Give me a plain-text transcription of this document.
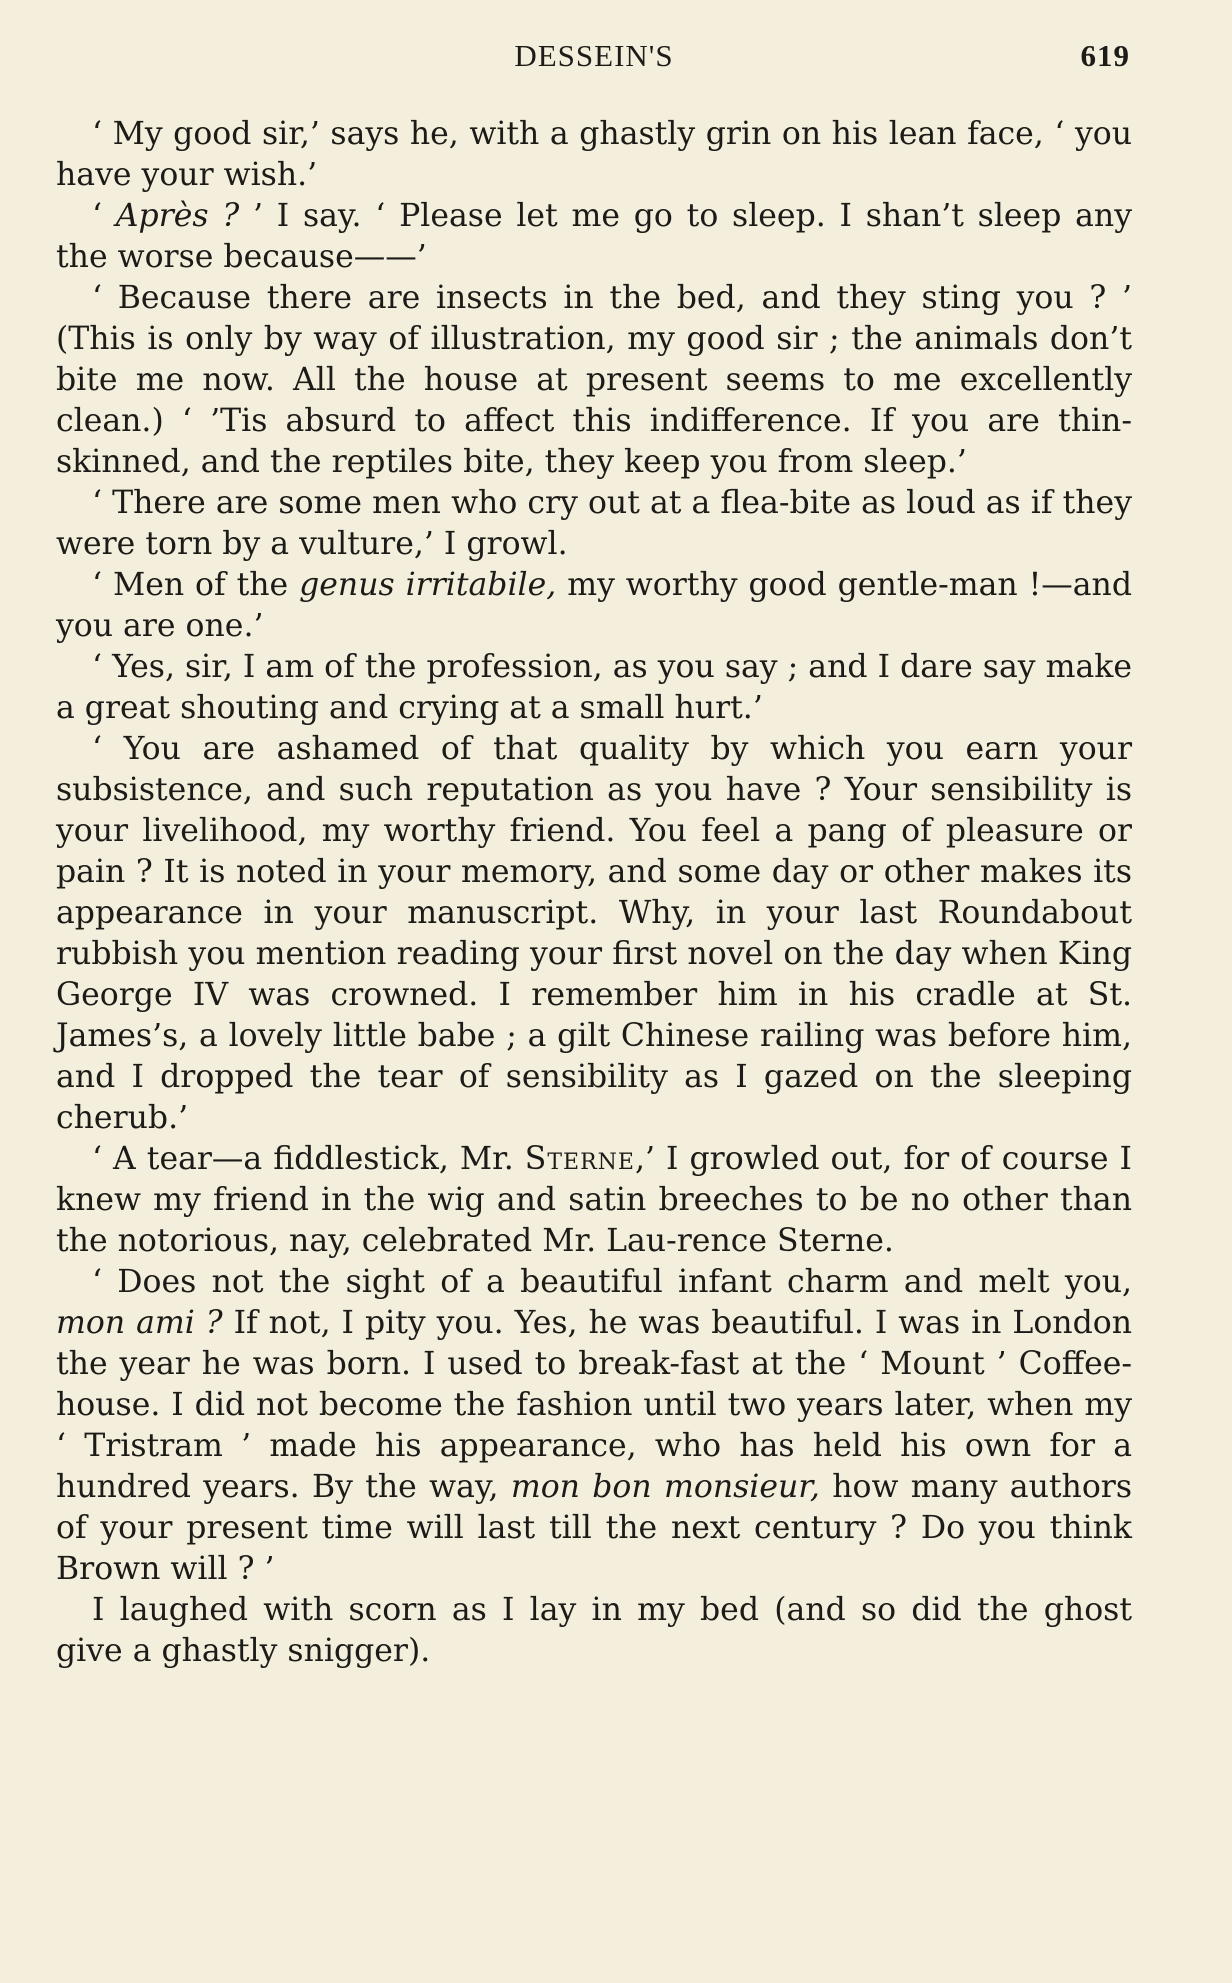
DESSEIN'S	619

‘ My good sir,’ says he, with a ghastly grin on his lean face, ‘ you have your wish.’

‘ Après ? ’ I say. ‘ Please let me go to sleep. I shan’t sleep any the worse because——’

‘ Because there are insects in the bed, and they sting you ? ’ (This is only by way of illustration, my good sir ; the animals don’t bite me now. All the house at present seems to me excellently clean.) ‘ ’Tis absurd to affect this indifference. If you are thin-skinned, and the reptiles bite, they keep you from sleep.’

‘ There are some men who cry out at a flea-bite as loud as if they were torn by a vulture,’ I growl.

‘ Men of the genus irritabile, my worthy good gentle-man !—and you are one.’

‘ Yes, sir, I am of the profession, as you say ; and I dare say make a great shouting and crying at a small hurt.’

‘ You are ashamed of that quality by which you earn your subsistence, and such reputation as you have ? Your sensibility is your livelihood, my worthy friend. You feel a pang of pleasure or pain ? It is noted in your memory, and some day or other makes its appearance in your manuscript. Why, in your last Roundabout rubbish you mention reading your first novel on the day when King George IV was crowned. I remember him in his cradle at St. James’s, a lovely little babe ; a gilt Chinese railing was before him, and I dropped the tear of sensibility as I gazed on the sleeping cherub.’

‘ A tear—a fiddlestick, Mr. Sterne,’ I growled out, for of course I knew my friend in the wig and satin breeches to be no other than the notorious, nay, celebrated Mr. Lau-rence Sterne.

‘ Does not the sight of a beautiful infant charm and melt you, mon ami ? If not, I pity you. Yes, he was beautiful. I was in London the year he was born. I used to break-fast at the ‘ Mount ’ Coffee-house. I did not become the fashion until two years later, when my ‘ Tristram ’ made his appearance, who has held his own for a hundred years. By the way, mon bon monsieur, how many authors of your present time will last till the next century ? Do you think Brown will ? ’

I laughed with scorn as I lay in my bed (and so did the ghost give a ghastly snigger).
